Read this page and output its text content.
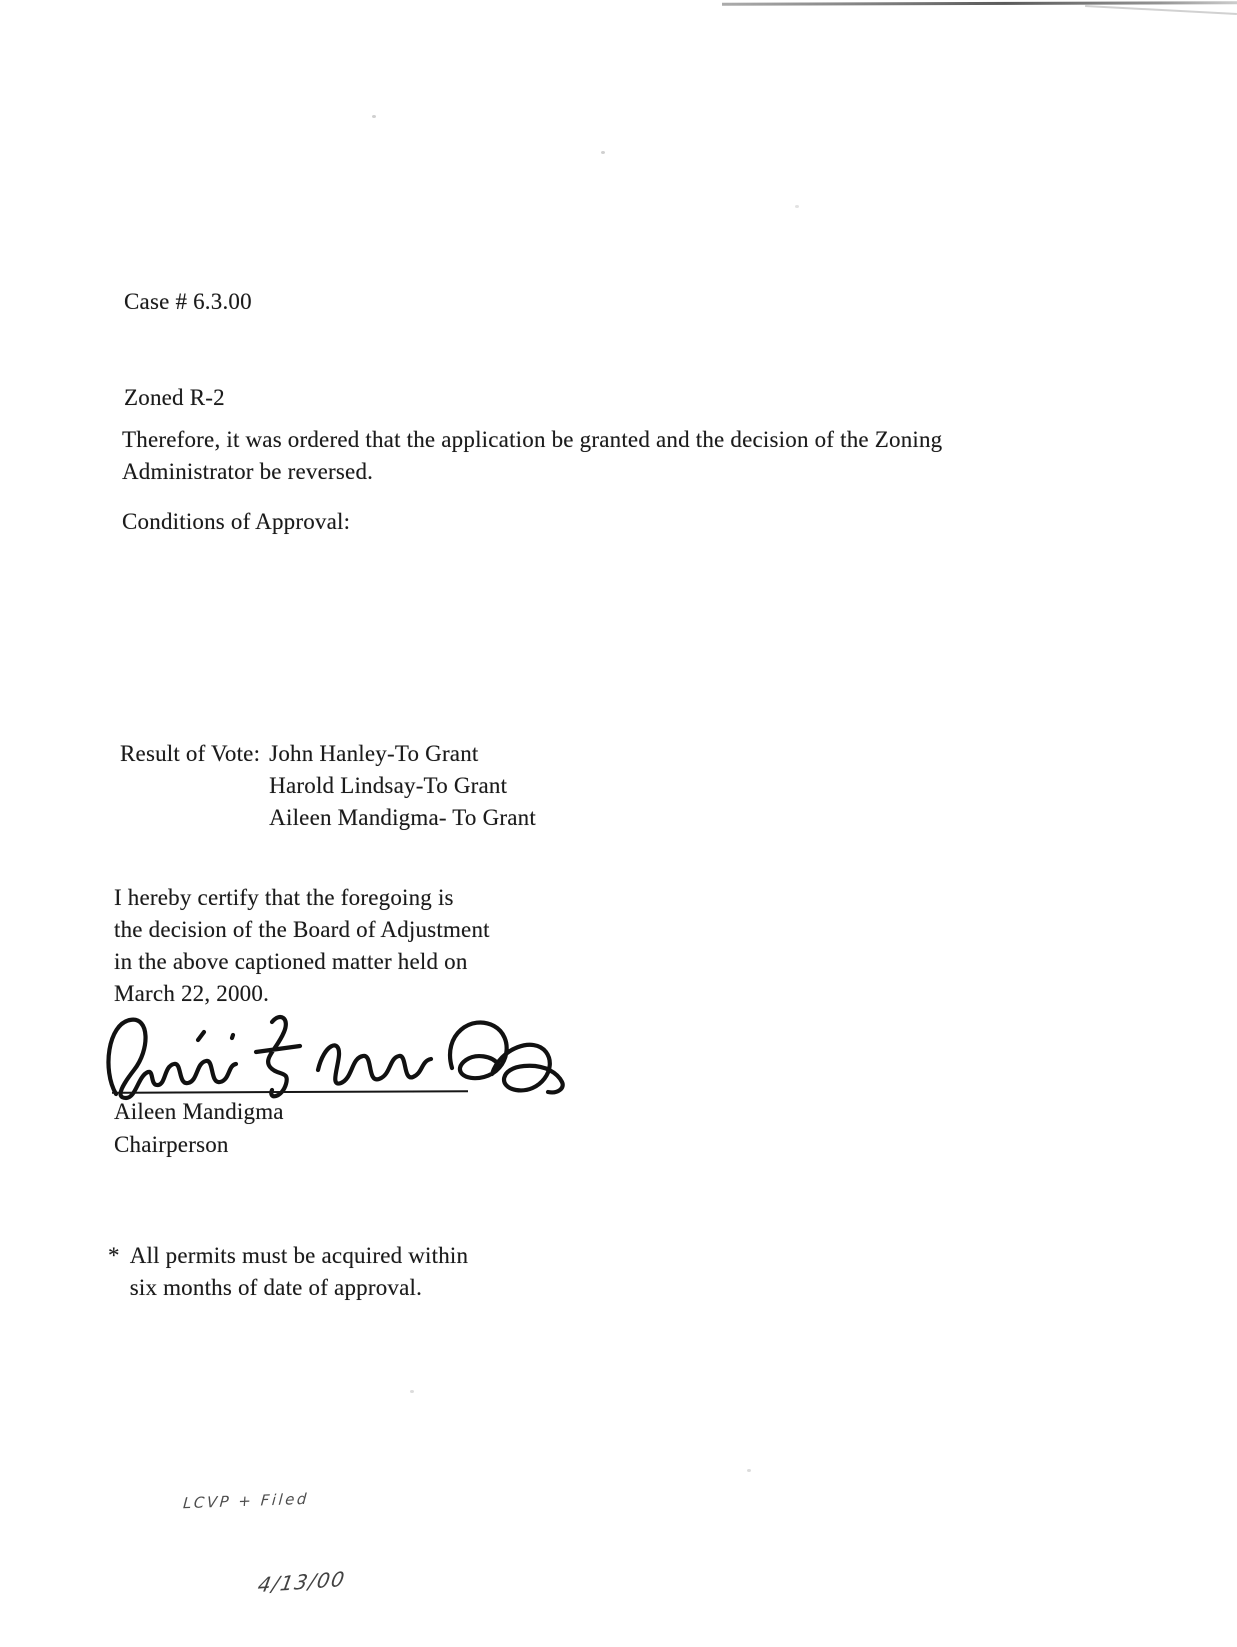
Case # 6.3.00

Zoned R-2

Therefore, it was ordered that the application be granted and the decision of the Zoning Administrator be reversed.
Conditions of Approval:
Result of Vote: John Hanley-To Grant
Harold Lindsay-To Grant
Aileen Mandigma- To Grant
I hereby certify that the foregoing is
the decision of the Board of Adjustment
in the above captioned matter held on
March 22, 2000.
Aileen Mandigma
Chairperson
* All permits must be acquired within
six months of date of approval.
LCVP + Filed
4/13/00
